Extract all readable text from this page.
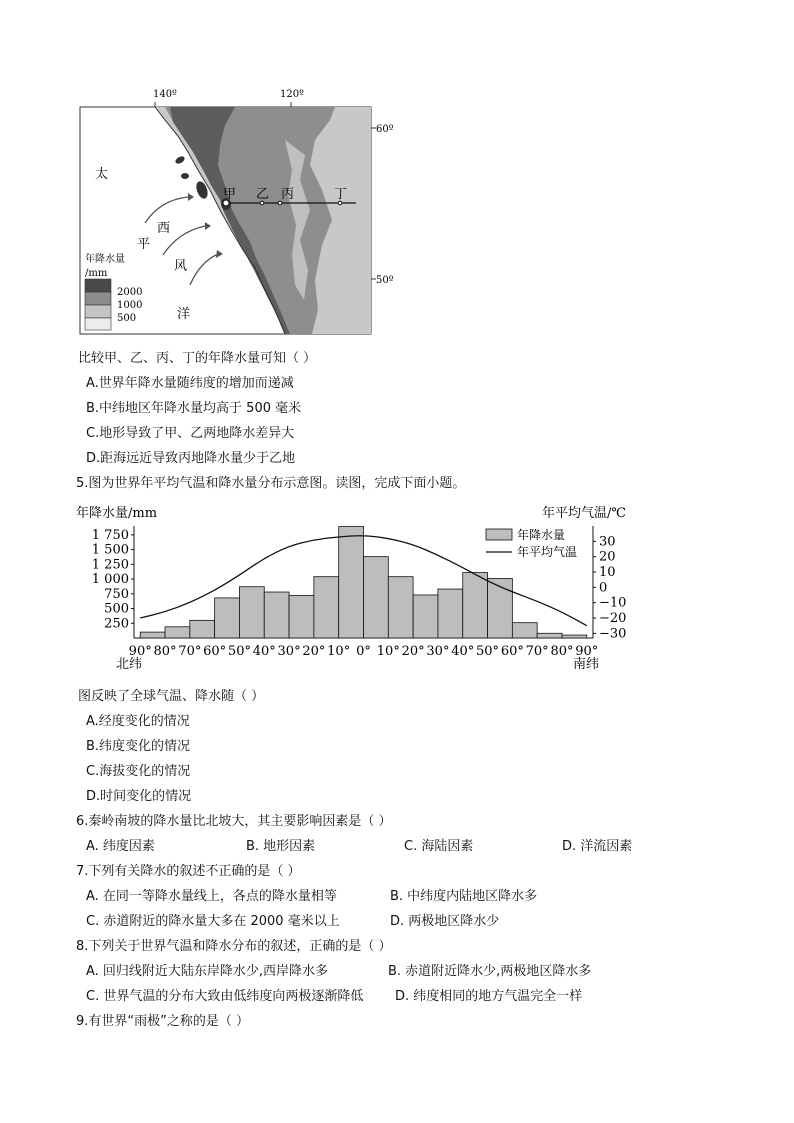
140º	120º
60º
50º
甲 乙 丙	丁
太
平
洋
西
风
年降水量
/mm
2000
1000
500
比较甲、乙、丙、丁的年降水量可知（ ）
A.世界年降水量随纬度的增加而递减
B.中纬地区年降水量均高于 500 毫米
C.地形导致了甲、乙两地降水差异大
D.距海远近导致丙地降水量少于乙地
5.图为世界年平均气温和降水量分布示意图。读图，完成下面小题。
年降水量/mm	年平均气温/℃
1 750
1 500
1 250
1 000
750
500
250
30
20
10
0
−10
−20
−30
90° 80° 70° 60° 50° 40° 30° 20° 10° 0° 10° 20° 30° 40° 50° 60° 70° 80° 90°
年降水量
年平均气温
北纬	南纬
图反映了全球气温、降水随（ ）
A.经度变化的情况
B.纬度变化的情况
C.海拔变化的情况
D.时间变化的情况
6.秦岭南坡的降水量比北坡大，其主要影响因素是（ ）
A. 纬度因素	B. 地形因素	C. 海陆因素	D. 洋流因素
7.下列有关降水的叙述不正确的是（ ）
A. 在同一等降水量线上，各点的降水量相等	B. 中纬度内陆地区降水多
C. 赤道附近的降水量大多在 2000 毫米以上	D. 两极地区降水少
8.下列关于世界气温和降水分布的叙述，正确的是（ ）
A. 回归线附近大陆东岸降水少,西岸降水多	B. 赤道附近降水少,两极地区降水多
C. 世界气温的分布大致由低纬度向两极逐渐降低 D. 纬度相同的地方气温完全一样
9.有世界“雨极”之称的是（ ）
